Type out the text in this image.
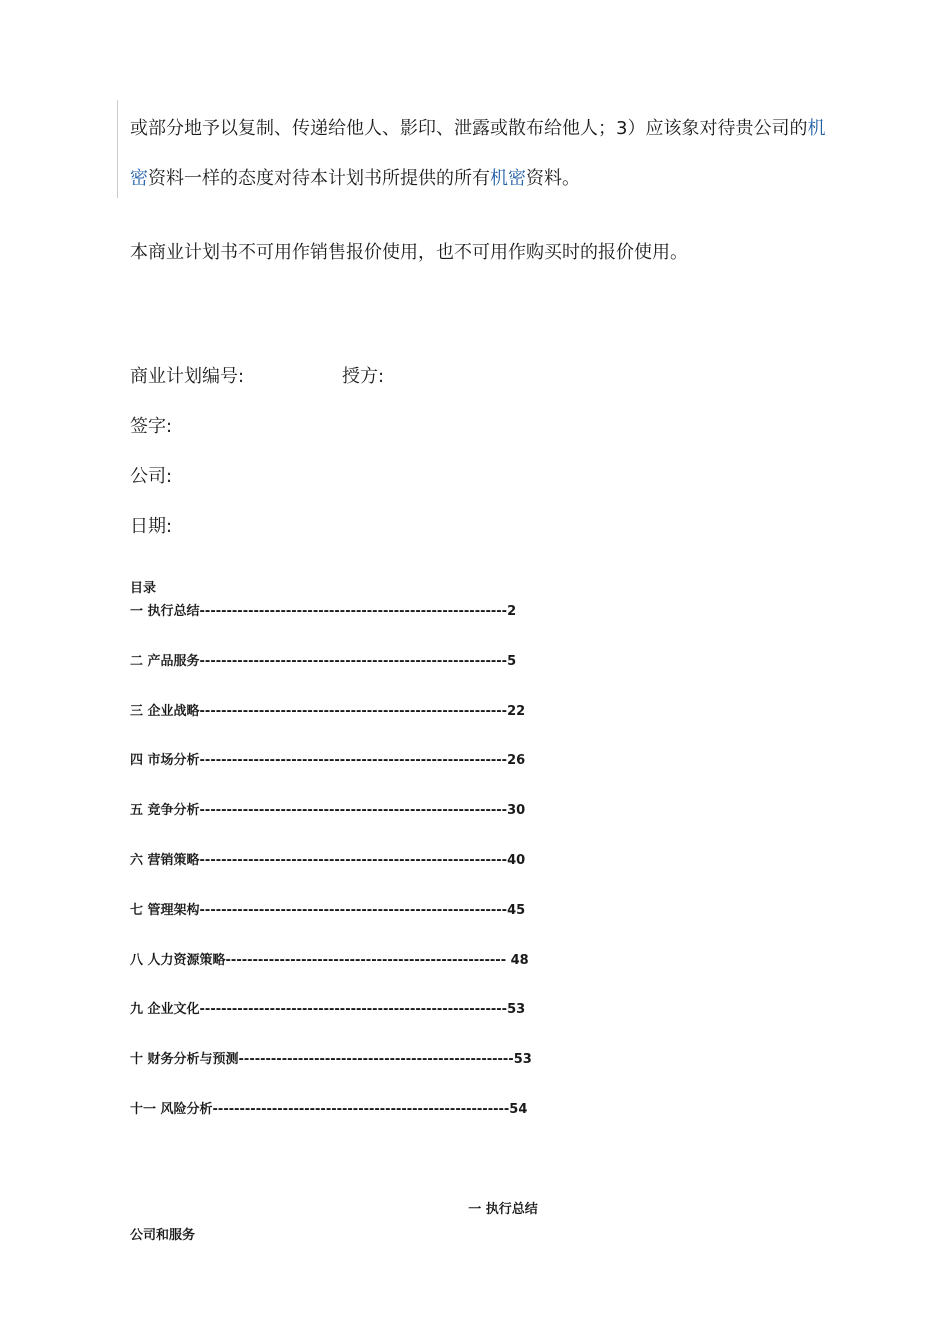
或部分地予以复制、传递给他人、影印、泄露或散布给他人；3）应该象对待贵公司的机
密资料一样的态度对待本计划书所提供的所有机密资料。
本商业计划书不可用作销售报价使用，也不可用作购买时的报价使用。
商业计划编号:	授方:
签字:
公司:
日期:
目录
一 执行总结---------------------------------------------------------2
二 产品服务---------------------------------------------------------5
三 企业战略---------------------------------------------------------22
四 市场分析---------------------------------------------------------26
五 竞争分析---------------------------------------------------------30
六 营销策略---------------------------------------------------------40
七 管理架构---------------------------------------------------------45
八 人力资源策略---------------------------------------------------- 48
九 企业文化---------------------------------------------------------53
十 财务分析与预测---------------------------------------------------53
十一 风险分析-------------------------------------------------------54
一 执行总结
公司和服务
